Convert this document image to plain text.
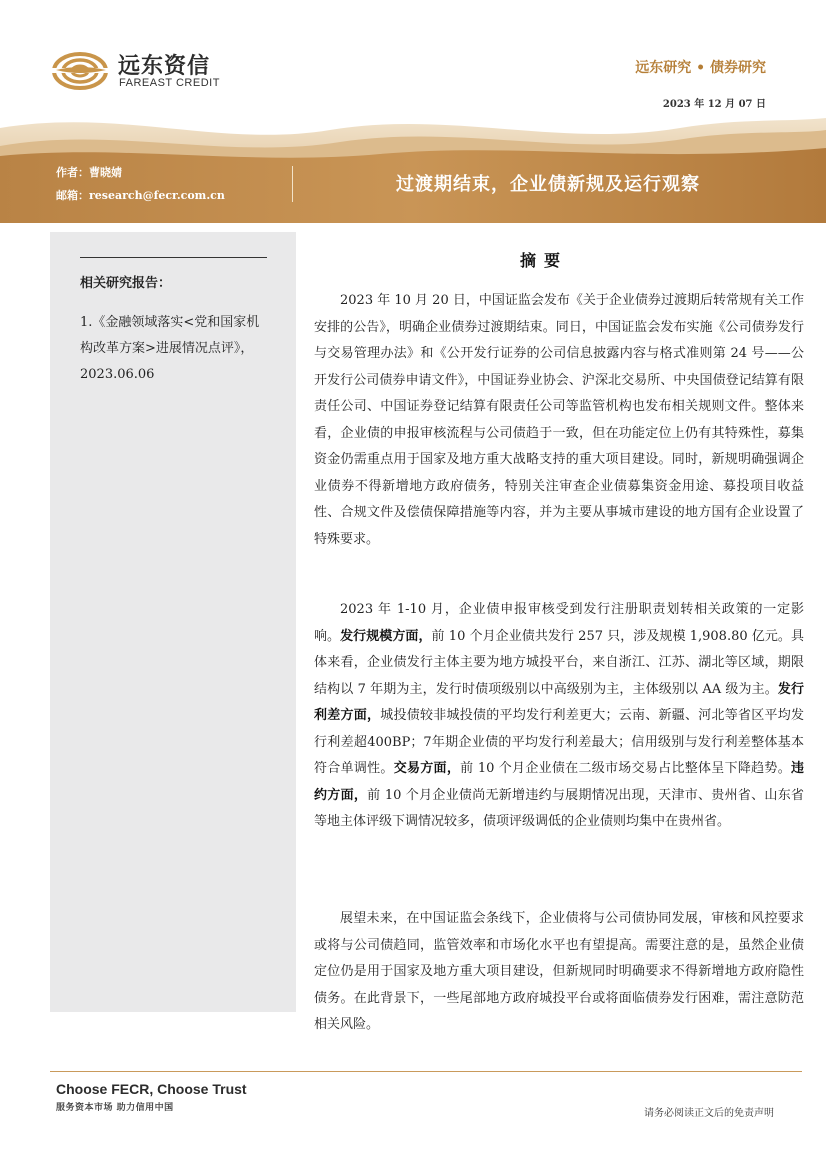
远东资信
FAREAST CREDIT
远东研究 • 债券研究
2023 年 12 月 07 日
作者：曹晓婧
邮箱：research@fecr.com.cn
过渡期结束，企业债新规及运行观察
相关研究报告：
1.《金融领域落实<党和国家机构改革方案>进展情况点评》，2023.06.06
摘要

2023 年 10 月 20 日，中国证监会发布《关于企业债券过渡期后转常规有关工作安排的公告》，明确企业债券过渡期结束。同日，中国证监会发布实施《公司债券发行与交易管理办法》和《公开发行证券的公司信息披露内容与格式准则第 24 号——公开发行公司债券申请文件》，中国证券业协会、沪深北交易所、中央国债登记结算有限责任公司、中国证券登记结算有限责任公司等监管机构也发布相关规则文件。整体来看，企业债的申报审核流程与公司债趋于一致，但在功能定位上仍有其特殊性，募集资金仍需重点用于国家及地方重大战略支持的重大项目建设。同时，新规明确强调企业债券不得新增地方政府债务，特别关注审查企业债募集资金用途、募投项目收益性、合规文件及偿债保障措施等内容，并为主要从事城市建设的地方国有企业设置了特殊要求。

2023 年 1-10 月，企业债申报审核受到发行注册职责划转相关政策的一定影响。发行规模方面，前 10 个月企业债共发行 257 只，涉及规模 1,908.80 亿元。具体来看，企业债发行主体主要为地方城投平台，来自浙江、江苏、湖北等区域，期限结构以 7 年期为主，发行时债项级别以中高级别为主，主体级别以 AA 级为主。发行利差方面，城投债较非城投债的平均发行利差更大；云南、新疆、河北等省区平均发行利差超400BP；7年期企业债的平均发行利差最大；信用级别与发行利差整体基本符合单调性。交易方面，前 10 个月企业债在二级市场交易占比整体呈下降趋势。违约方面，前 10 个月企业债尚无新增违约与展期情况出现，天津市、贵州省、山东省等地主体评级下调情况较多，债项评级调低的企业债则均集中在贵州省。

展望未来，在中国证监会条线下，企业债将与公司债协同发展，审核和风控要求或将与公司债趋同，监管效率和市场化水平也有望提高。需要注意的是，虽然企业债定位仍是用于国家及地方重大项目建设，但新规同时明确要求不得新增地方政府隐性债务。在此背景下，一些尾部地方政府城投平台或将面临债券发行困难，需注意防范相关风险。

Choose FECR, Choose Trust
服务资本市场 助力信用中国	请务必阅读正文后的免责声明
